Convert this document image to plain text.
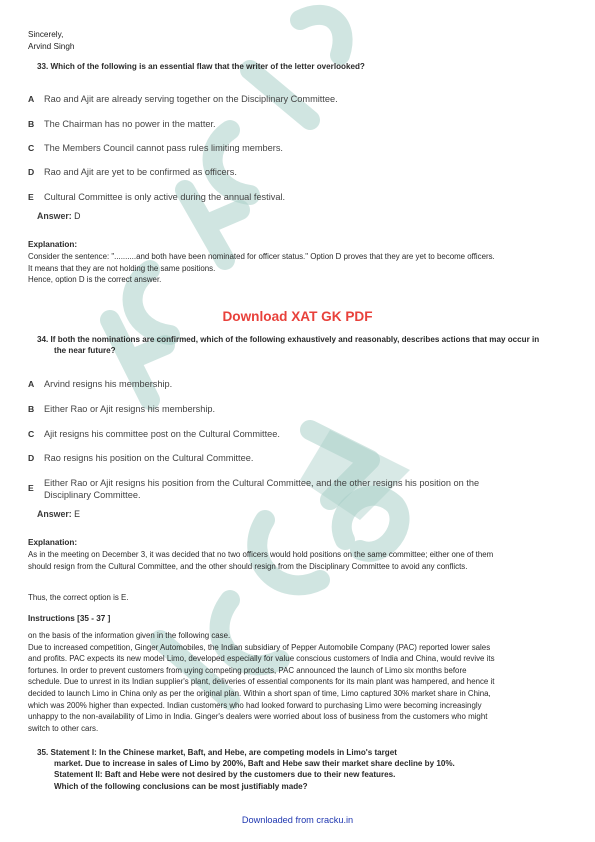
Sincerely,
Arvind Singh
33. Which of the following is an essential flaw that the writer of the letter overlooked?
A Rao and Ajit are already serving together on the Disciplinary Committee.
B The Chairman has no power in the matter.
C The Members Council cannot pass rules limiting members.
D Rao and Ajit are yet to be confirmed as officers.
E Cultural Committee is only active during the annual festival.
Answer: D
Explanation:
Consider the sentence: "..........and both have been nominated for officer status." Option D proves that they are yet to become officers.
It means that they are not holding the same positions.
Hence, option D is the correct answer.
Download XAT GK PDF
34. If both the nominations are confirmed, which of the following exhaustively and reasonably, describes actions that may occur in
the near future?
A Arvind resigns his membership.
B Either Rao or Ajit resigns his membership.
C Ajit resigns his committee post on the Cultural Committee.
D Rao resigns his position on the Cultural Committee.
E	Either Rao or Ajit resigns his position from the Cultural Committee, and the other resigns his position on the
Disciplinary Committee.
Answer: E
Explanation:
As in the meeting on December 3, it was decided that no two officers would hold positions on the same committee; either one of them
should resign from the Cultural Committee, and the other should resign from the Disciplinary Committee to avoid any conflicts.
Thus, the correct option is E.
Instructions [35 - 37 ]
on the basis of the information given in the following case.
Due to increased competition, Ginger Automobiles, the Indian subsidiary of Pepper Automobile Company (PAC) reported lower sales
and profits. PAC expects its new model Limo, developed especially for value conscious customers of India and China, would revive its
fortunes. In order to prevent customers from uying competing products, PAC announced the launch of Limo six months before
schedule. Due to unrest in its Indian supplier's plant, deliveries of essential components for its main plant was hampered, and hence it
decided to launch Limo in China only as per the original plan. Within a short span of time, Limo captured 30% market share in China,
which was 200% higher than expected. Indian customers who had looked forward to purchasing Limo were becoming increasingly
unhappy to the non-availability of Limo in India. Ginger's dealers were worried about loss of business from the customers who might
switch to other cars.
35. Statement I: In the Chinese market, Baft, and Hebe, are competing models in Limo's target
market. Due to increase in sales of Limo by 200%, Baft and Hebe saw their market share decline by 10%.
Statement II: Baft and Hebe were not desired by the customers due to their new features.
Which of the following conclusions can be most justifiably made?
Downloaded from cracku.in
